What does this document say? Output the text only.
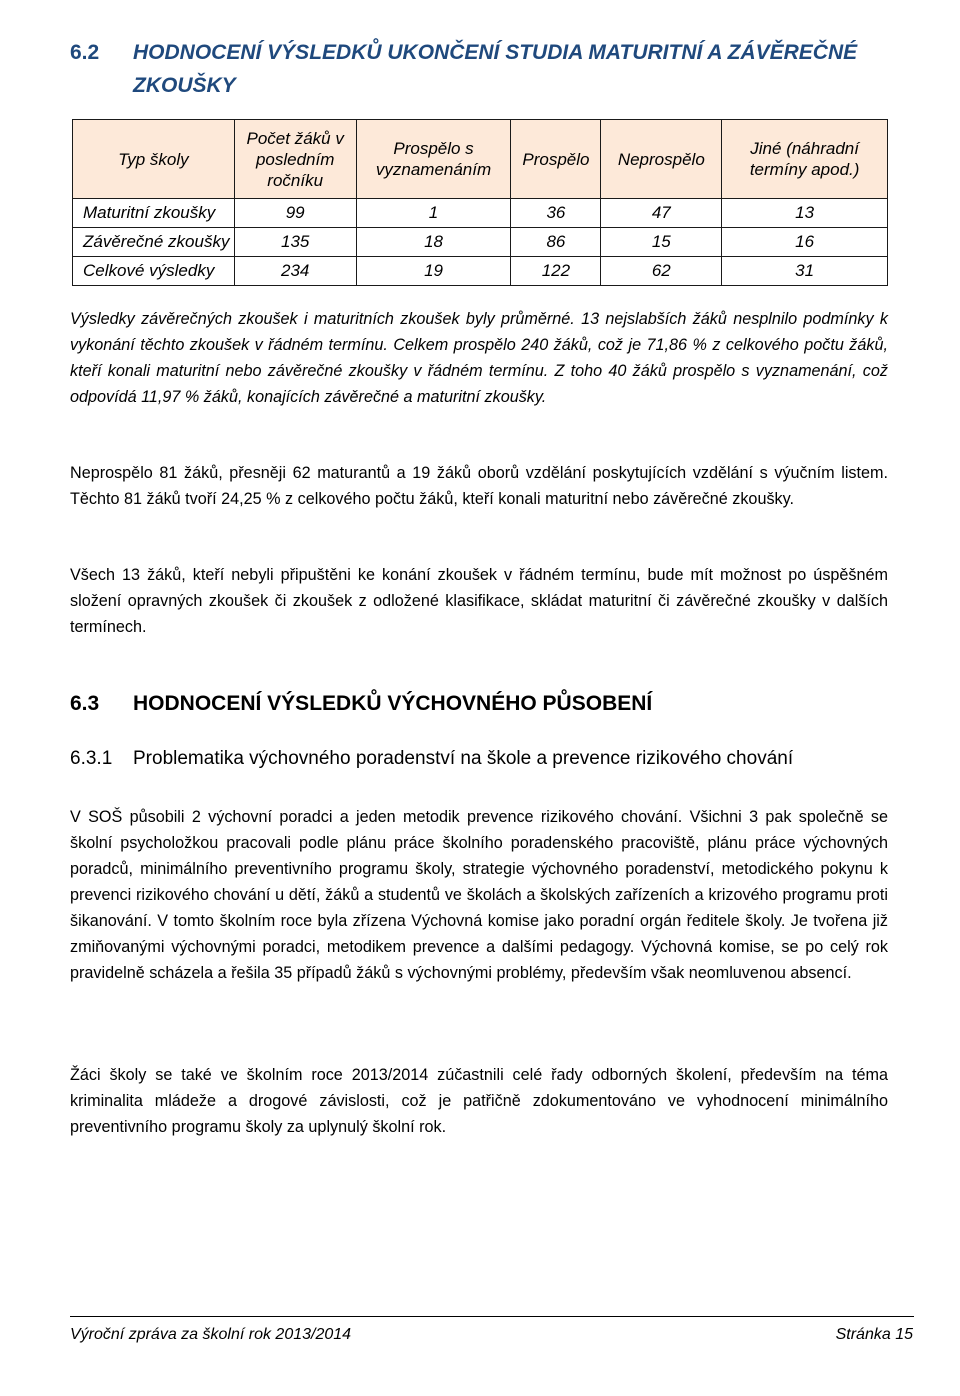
6.2	HODNOCENÍ VÝSLEDKŮ UKONČENÍ STUDIA MATURITNÍ A ZÁVĚREČNÉ ZKOUŠKY
Typ školy	Počet žáků v posledním ročníku	Prospělo s vyznamenáním	Prospělo	Neprospělo	Jiné (náhradní termíny apod.)
Maturitní zkoušky	99	1	36	47	13
Závěrečné zkoušky	135	18	86	15	16
Celkové výsledky	234	19	122	62	31

Výsledky závěrečných zkoušek i maturitních zkoušek byly průměrné. 13 nejslabších žáků nesplnilo podmínky k vykonání těchto zkoušek v řádném termínu. Celkem prospělo 240 žáků, což je 71,86 % z celkového počtu žáků, kteří konali maturitní nebo závěrečné zkoušky v řádném termínu. Z toho 40 žáků prospělo s vyznamenání, což odpovídá 11,97 % žáků, konajících závěrečné a maturitní zkoušky.

Neprospělo 81 žáků, přesněji 62 maturantů a 19 žáků oborů vzdělání poskytujících vzdělání s výučním listem. Těchto 81 žáků tvoří 24,25 % z celkového počtu žáků, kteří konali maturitní nebo závěrečné zkoušky.

Všech 13 žáků, kteří nebyli připuštěni ke konání zkoušek v řádném termínu, bude mít možnost po úspěšném složení opravných zkoušek či zkoušek z odložené klasifikace, skládat maturitní či závěrečné zkoušky v dalších termínech.

6.3	HODNOCENÍ VÝSLEDKŮ VÝCHOVNÉHO PŮSOBENÍ
6.3.1	Problematika výchovného poradenství na škole a prevence rizikového chování

V SOŠ působili 2 výchovní poradci a jeden metodik prevence rizikového chování. Všichni 3 pak společně se školní psycholožkou pracovali podle plánu práce školního poradenského pracoviště, plánu práce výchovných poradců, minimálního preventivního programu školy, strategie výchovného poradenství, metodického pokynu k prevenci rizikového chování u dětí, žáků a studentů ve školách a školských zařízeních a krizového programu proti šikanování. V tomto školním roce byla zřízena Výchovná komise jako poradní orgán ředitele školy. Je tvořena již zmiňovanými výchovnými poradci, metodikem prevence a dalšími pedagogy. Výchovná komise, se po celý rok pravidelně scházela a řešila 35 případů žáků s výchovnými problémy, především však neomluvenou absencí.

Žáci školy se také ve školním roce 2013/2014 zúčastnili celé řady odborných školení, především na téma kriminalita mládeže a drogové závislosti, což je patřičně zdokumentováno ve vyhodnocení minimálního preventivního programu školy za uplynulý školní rok.

Výroční zpráva za školní rok 2013/2014	Stránka 15
